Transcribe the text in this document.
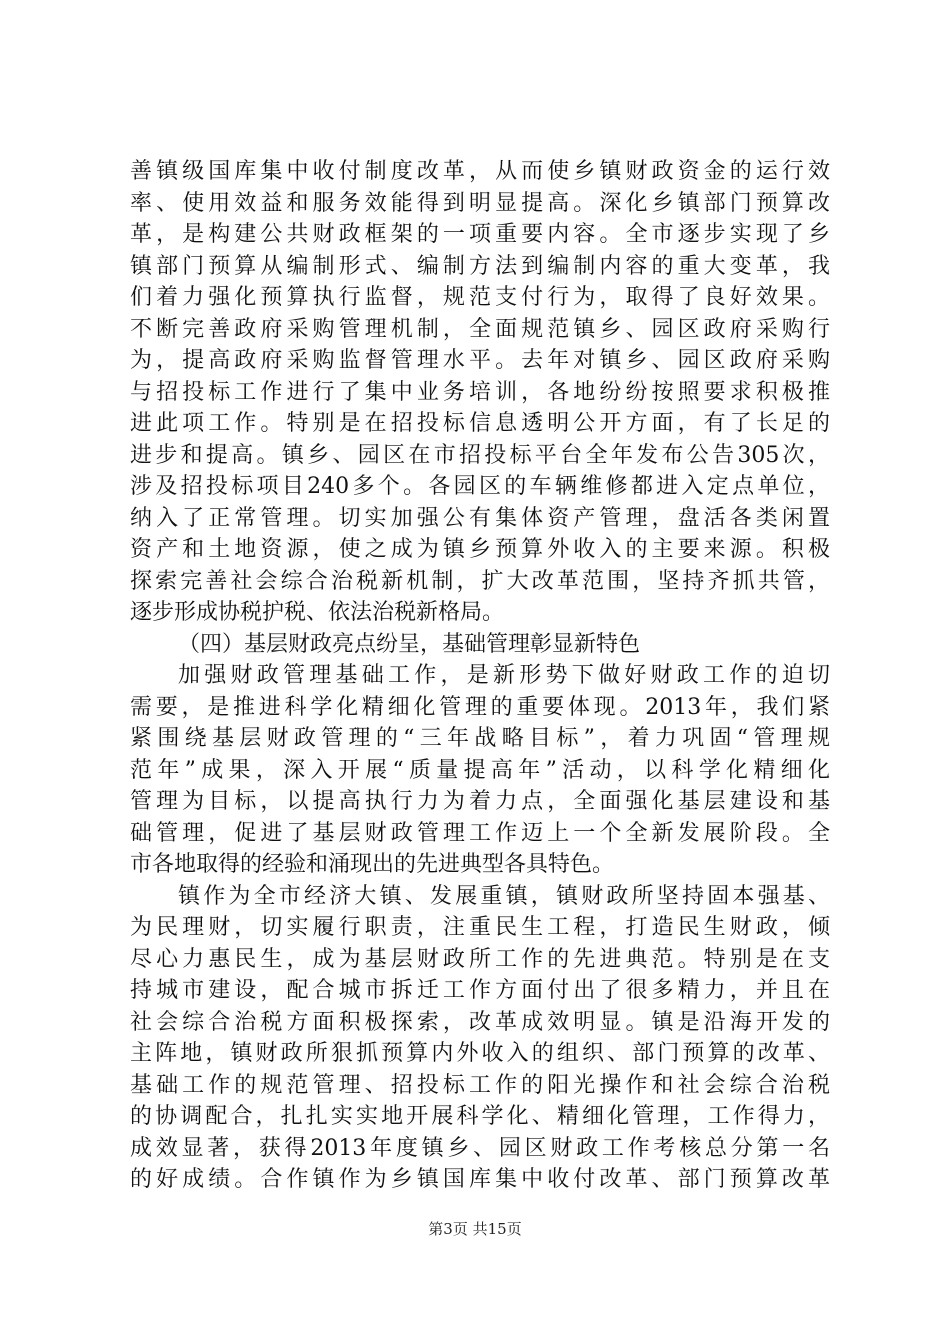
善镇级国库集中收付制度改革，从而使乡镇财政资金的运行效
率、使用效益和服务效能得到明显提高。深化乡镇部门预算改
革，是构建公共财政框架的一项重要内容。全市逐步实现了乡
镇部门预算从编制形式、编制方法到编制内容的重大变革，我
们着力强化预算执行监督，规范支付行为，取得了良好效果。
不断完善政府采购管理机制，全面规范镇乡、园区政府采购行
为，提高政府采购监督管理水平。去年对镇乡、园区政府采购
与招投标工作进行了集中业务培训，各地纷纷按照要求积极推
进此项工作。特别是在招投标信息透明公开方面，有了长足的
进步和提高。镇乡、园区在市招投标平台全年发布公告305次，
涉及招投标项目240多个。各园区的车辆维修都进入定点单位，
纳入了正常管理。切实加强公有集体资产管理，盘活各类闲置
资产和土地资源，使之成为镇乡预算外收入的主要来源。积极
探索完善社会综合治税新机制，扩大改革范围，坚持齐抓共管，
逐步形成协税护税、依法治税新格局。
（四）基层财政亮点纷呈，基础管理彰显新特色
加强财政管理基础工作，是新形势下做好财政工作的迫切
需要，是推进科学化精细化管理的重要体现。2013年，我们紧
紧围绕基层财政管理的“三年战略目标”，着力巩固“管理规
范年”成果，深入开展“质量提高年”活动，以科学化精细化
管理为目标，以提高执行力为着力点，全面强化基层建设和基
础管理，促进了基层财政管理工作迈上一个全新发展阶段。全
市各地取得的经验和涌现出的先进典型各具特色。
镇作为全市经济大镇、发展重镇，镇财政所坚持固本强基、
为民理财，切实履行职责，注重民生工程，打造民生财政，倾
尽心力惠民生，成为基层财政所工作的先进典范。特别是在支
持城市建设，配合城市拆迁工作方面付出了很多精力，并且在
社会综合治税方面积极探索，改革成效明显。镇是沿海开发的
主阵地，镇财政所狠抓预算内外收入的组织、部门预算的改革、
基础工作的规范管理、招投标工作的阳光操作和社会综合治税
的协调配合，扎扎实实地开展科学化、精细化管理，工作得力，
成效显著，获得2013年度镇乡、园区财政工作考核总分第一名
的好成绩。合作镇作为乡镇国库集中收付改革、部门预算改革
第3页 共15页
